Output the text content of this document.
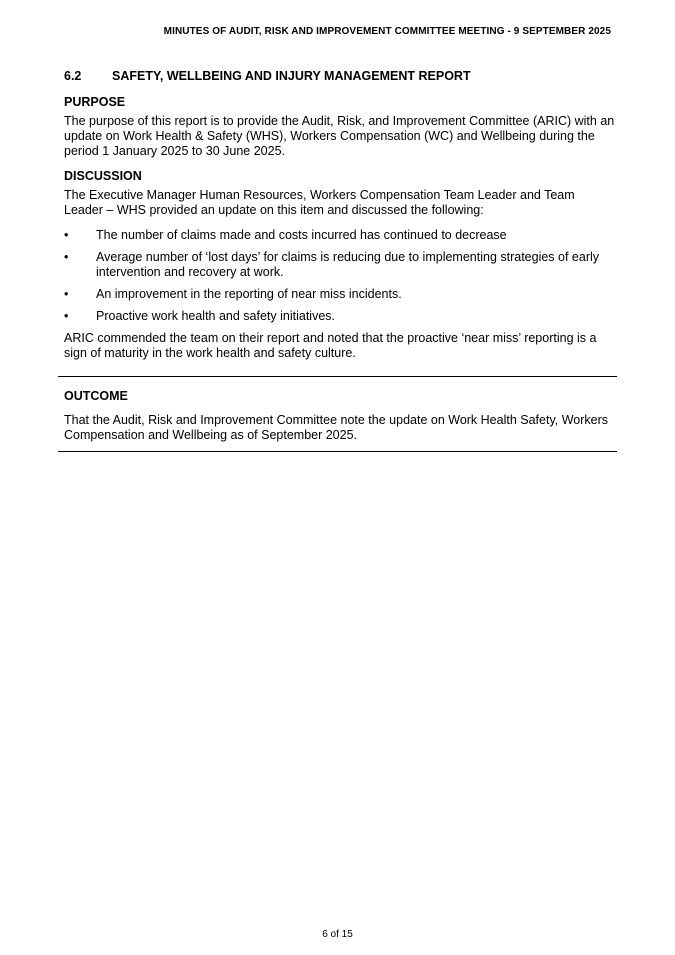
MINUTES OF AUDIT, RISK AND IMPROVEMENT COMMITTEE MEETING - 9 SEPTEMBER 2025
6.2	SAFETY, WELLBEING AND INJURY MANAGEMENT REPORT
PURPOSE

The purpose of this report is to provide the Audit, Risk, and Improvement Committee (ARIC) with an update on Work Health & Safety (WHS), Workers Compensation (WC) and Wellbeing during the period 1 January 2025 to 30 June 2025.

DISCUSSION

The Executive Manager Human Resources, Workers Compensation Team Leader and Team Leader – WHS provided an update on this item and discussed the following:

•	The number of claims made and costs incurred has continued to decrease
•	Average number of ‘lost days’ for claims is reducing due to implementing strategies of early intervention and recovery at work.
•	An improvement in the reporting of near miss incidents.
•	Proactive work health and safety initiatives.

ARIC commended the team on their report and noted that the proactive ‘near miss’ reporting is a sign of maturity in the work health and safety culture.

OUTCOME

That the Audit, Risk and Improvement Committee note the update on Work Health Safety, Workers Compensation and Wellbeing as of September 2025.

6 of 15
